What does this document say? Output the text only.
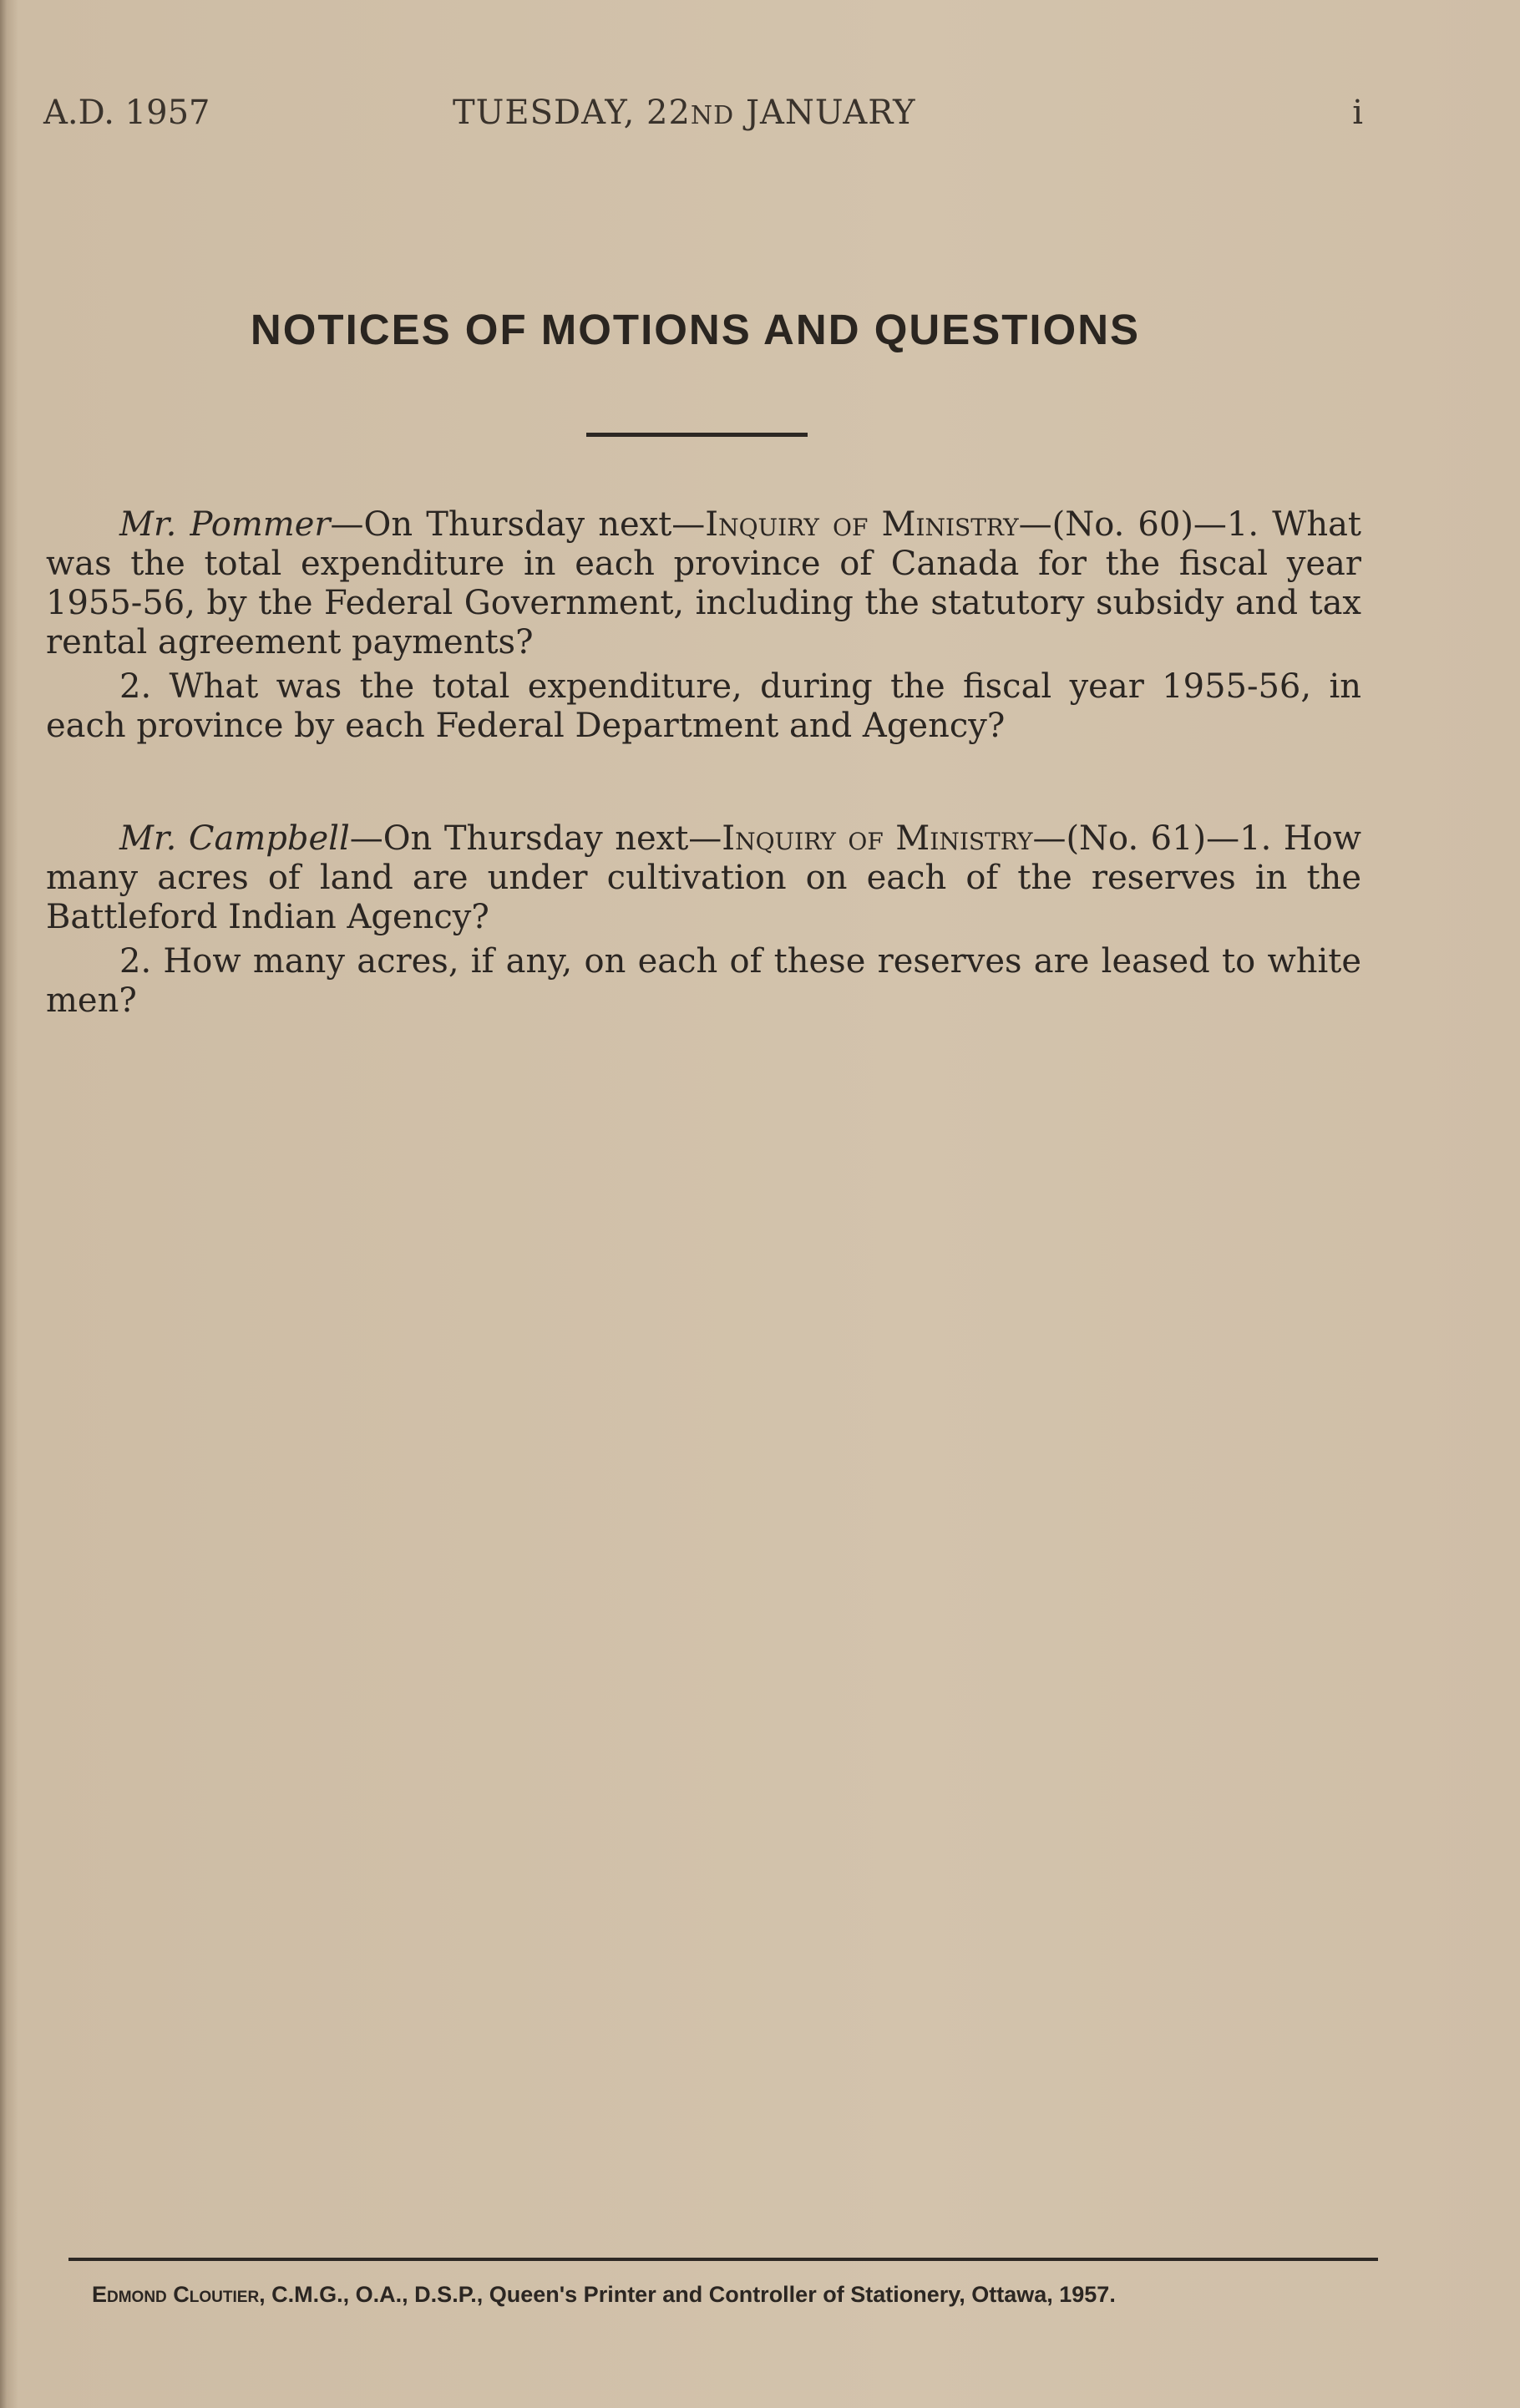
A.D. 1957	TUESDAY, 22ND JANUARY	i
NOTICES OF MOTIONS AND QUESTIONS

Mr. Pommer—On Thursday next—Inquiry of Ministry—(No. 60)—1. What was the total expenditure in each province of Canada for the fiscal year 1955-56, by the Federal Government, including the statutory subsidy and tax rental agreement payments?

2. What was the total expenditure, during the fiscal year 1955-56, in each province by each Federal Department and Agency?

Mr. Campbell—On Thursday next—Inquiry of Ministry—(No. 61)—1. How many acres of land are under cultivation on each of the reserves in the Battleford Indian Agency?

2. How many acres, if any, on each of these reserves are leased to white men?

Edmond Cloutier, C.M.G., O.A., D.S.P., Queen's Printer and Controller of Stationery, Ottawa, 1957.
